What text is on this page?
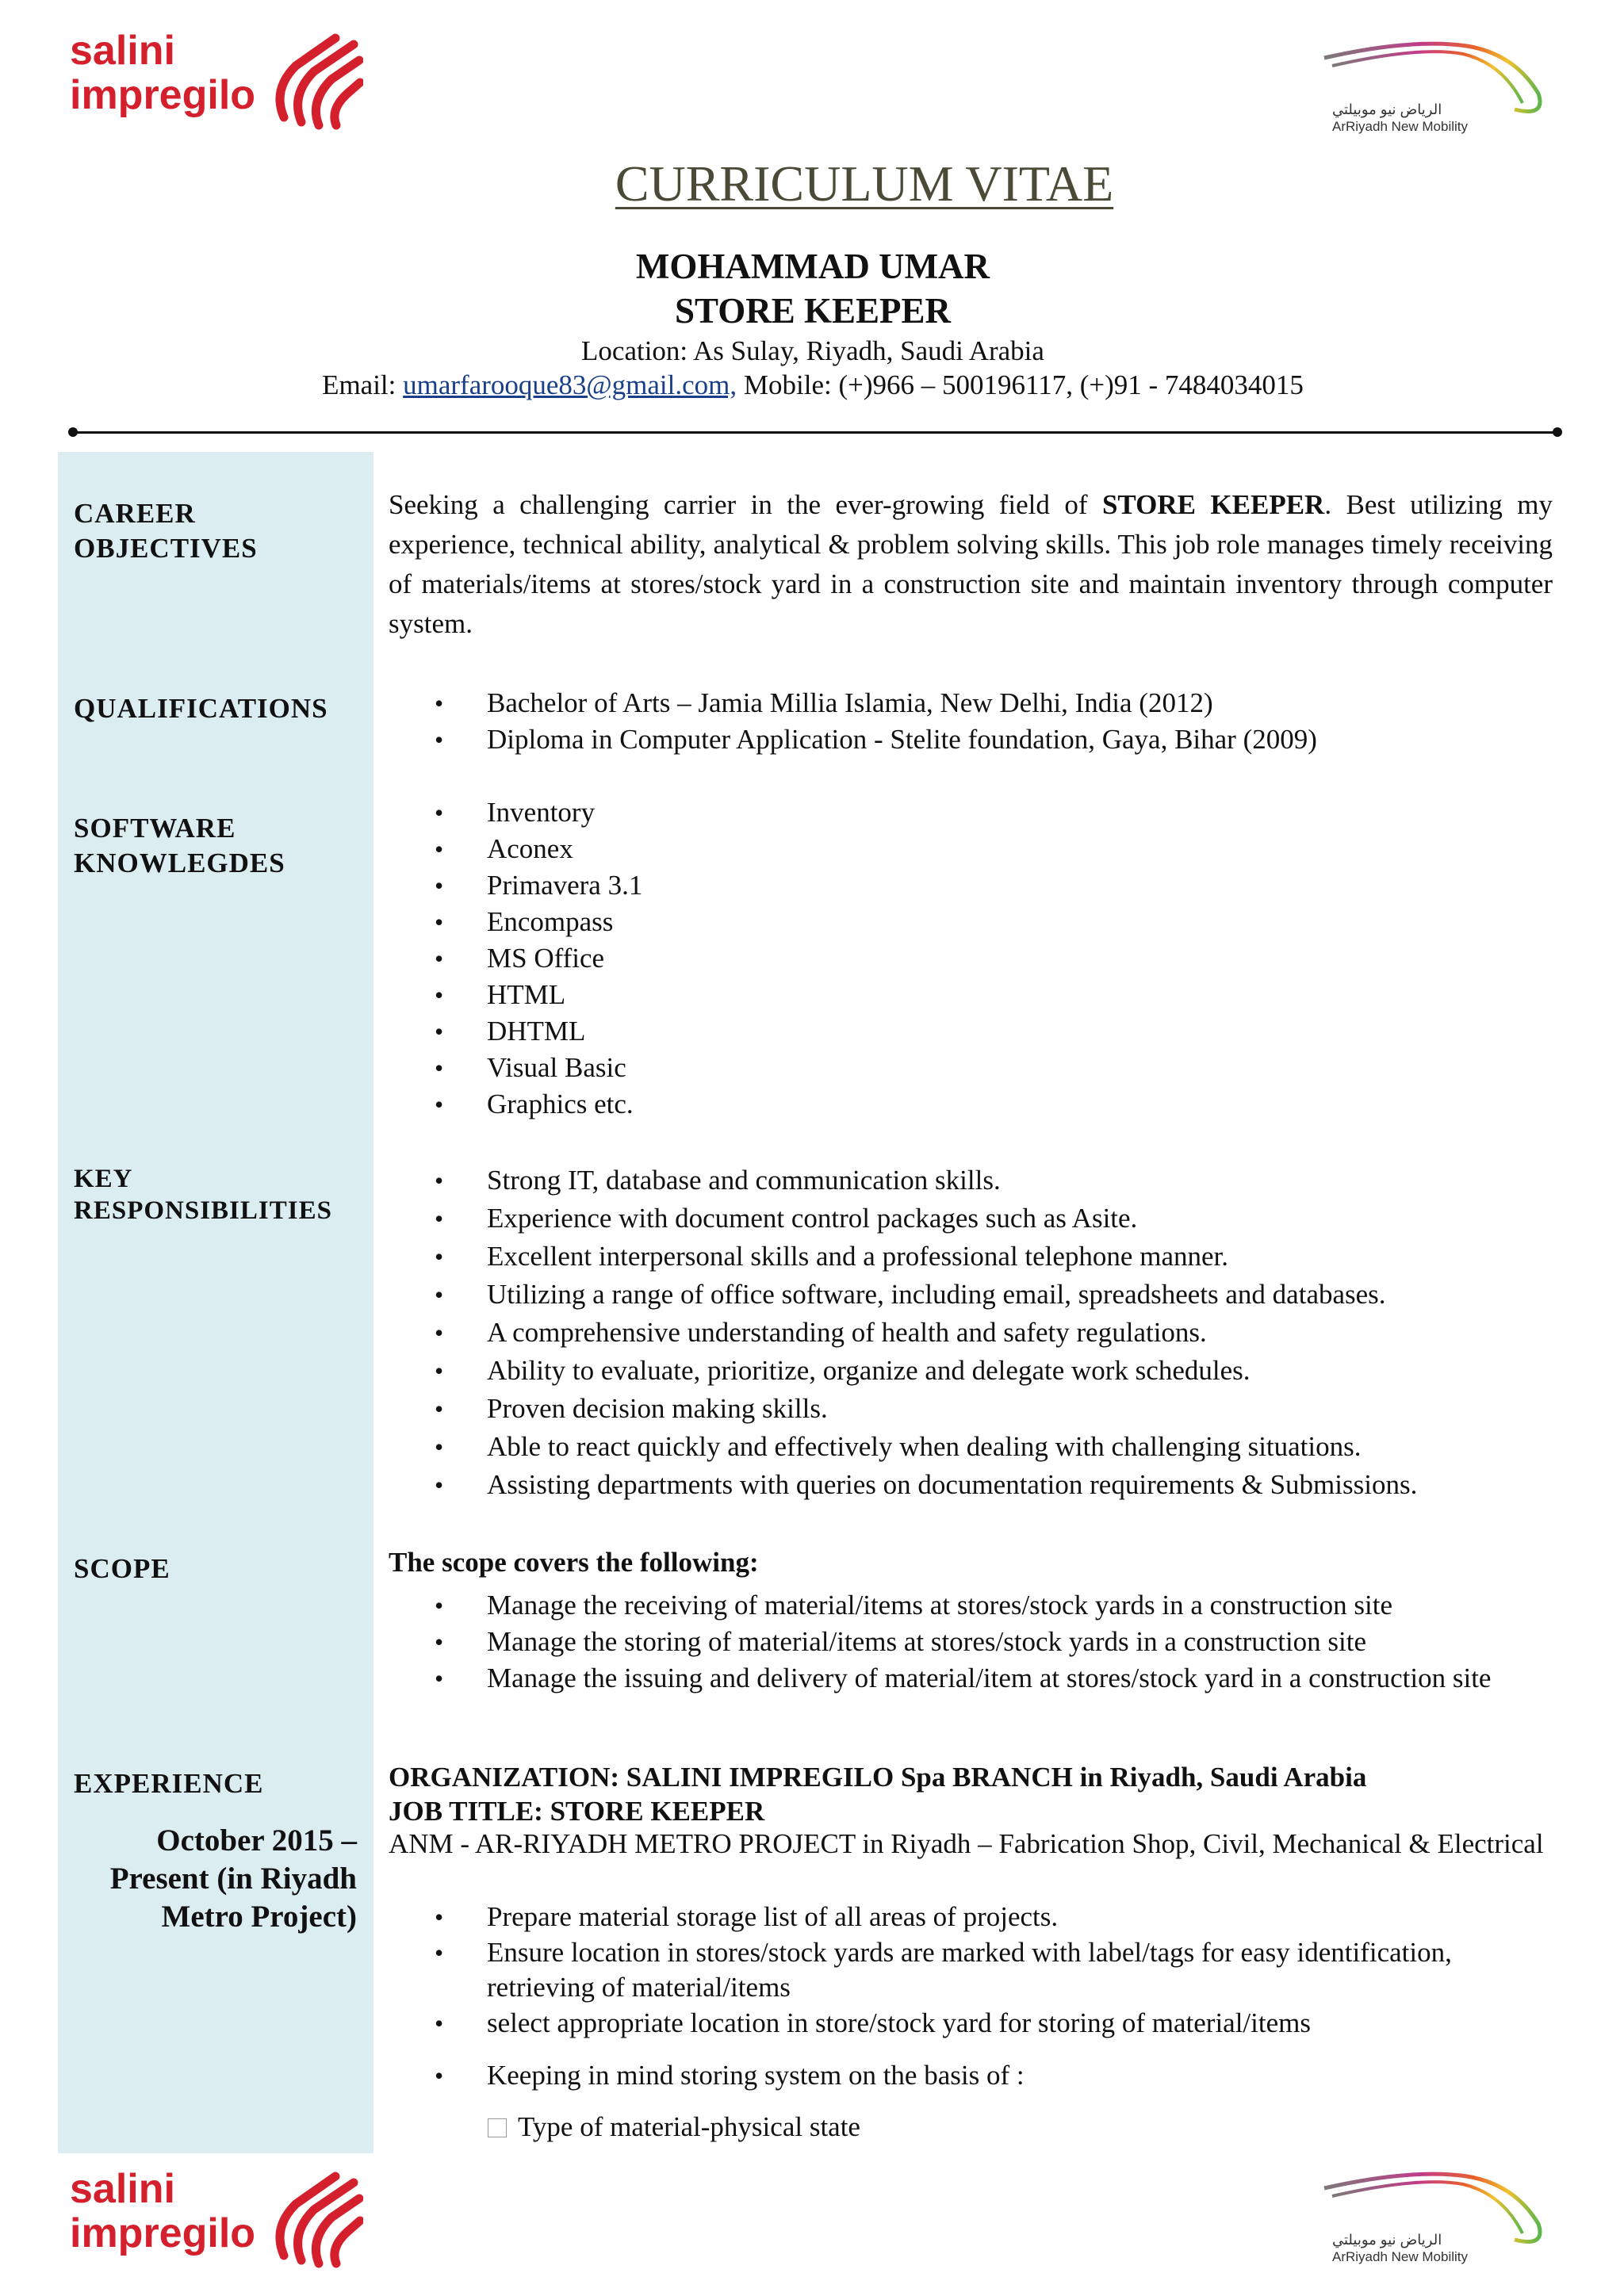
salini
impregilo	الرياض نيو موبيلتي
ArRiyadh New Mobility
CURRICULUM VITAE
MOHAMMAD UMAR
STORE KEEPER
Location: As Sulay, Riyadh, Saudi Arabia
Email: umarfarooque83@gmail.com, Mobile: (+)966 – 500196117, (+)91 - 7484034015
CAREER
OBJECTIVES
Seeking a challenging carrier in the ever-growing field of STORE KEEPER. Best utilizing my experience, technical ability, analytical & problem solving skills. This job role manages timely receiving of materials/items at stores/stock yard in a construction site and maintain inventory through computer system.
QUALIFICATIONS
•	Bachelor of Arts – Jamia Millia Islamia, New Delhi, India (2012)
• Diploma in Computer Application - Stelite foundation, Gaya, Bihar (2009)
SOFTWARE
KNOWLEGDES
• Inventory
• Aconex
• Primavera 3.1
• Encompass
• MS Office
• HTML
• DHTML
• Visual Basic
• Graphics etc.
KEY
RESPONSIBILITIES
• Strong IT, database and communication skills.
• Experience with document control packages such as Asite.
• Excellent interpersonal skills and a professional telephone manner.
• Utilizing a range of office software, including email, spreadsheets and databases.
• A comprehensive understanding of health and safety regulations.
• Ability to evaluate, prioritize, organize and delegate work schedules.
• Proven decision making skills.
• Able to react quickly and effectively when dealing with challenging situations.
• Assisting departments with queries on documentation requirements & Submissions.
SCOPE	The scope covers the following:
• Manage the receiving of material/items at stores/stock yards in a construction site
• Manage the storing of material/items at stores/stock yards in a construction site
• Manage the issuing and delivery of material/item at stores/stock yard in a construction site
EXPERIENCE
October 2015 –
Present (in Riyadh
Metro Project)
ORGANIZATION: SALINI IMPREGILO Spa BRANCH in Riyadh, Saudi Arabia
JOB TITLE: STORE KEEPER
ANM - AR-RIYADH METRO PROJECT in Riyadh – Fabrication Shop, Civil, Mechanical & Electrical
• Prepare material storage list of all areas of projects.
• Ensure location in stores/stock yards are marked with label/tags for easy identification, retrieving of material/items
• select appropriate location in store/stock yard for storing of material/items
• Keeping in mind storing system on the basis of :
Type of material-physical state
salini
impregilo	الرياض نيو موبيلتي
ArRiyadh New Mobility
